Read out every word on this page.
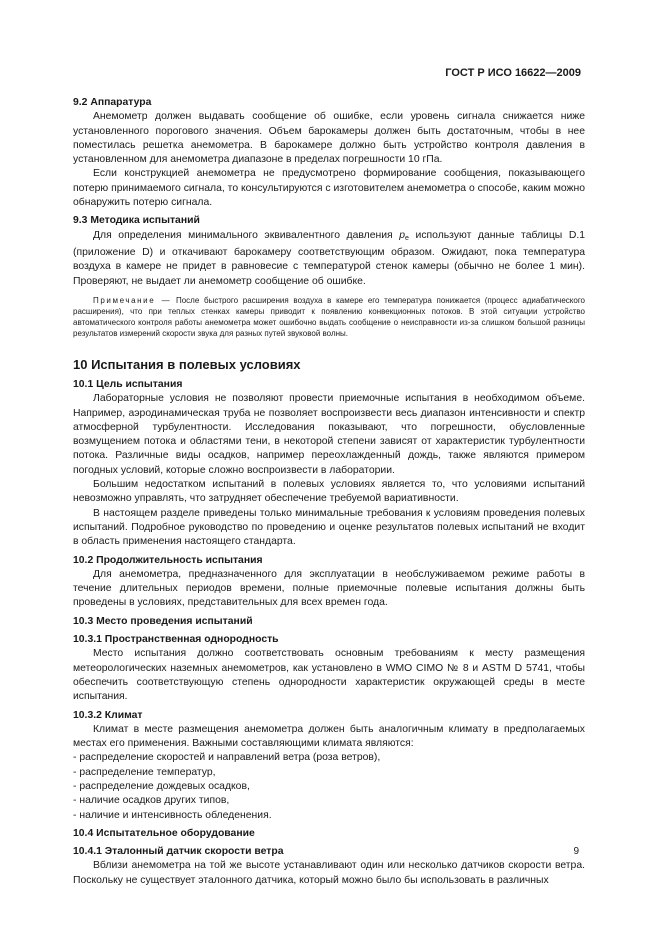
ГОСТ Р ИСО 16622—2009

9.2 Аппаратура

Анемометр должен выдавать сообщение об ошибке, если уровень сигнала снижается ниже установленного порогового значения. Объем барокамеры должен быть достаточным, чтобы в нее поместилась решетка анемометра. В барокамере должно быть устройство контроля давления в установленном для анемометра диапазоне в пределах погрешности 10 гПа.

Если конструкцией анемометра не предусмотрено формирование сообщения, показывающего потерю принимаемого сигнала, то консультируются с изготовителем анемометра о способе, каким можно обнаружить потерю сигнала.

9.3 Методика испытаний

Для определения минимального эквивалентного давления $p_e$ используют данные таблицы D.1 (приложение D) и откачивают барокамеру соответствующим образом. Ожидают, пока температура воздуха в камере не придет в равновесие с температурой стенок камеры (обычно не более 1 мин). Проверяют, не выдает ли анемометр сообщение об ошибке.

Примечание — После быстрого расширения воздуха в камере его температура понижается (процесс адиабатического расширения), что при теплых стенках камеры приводит к появлению конвекционных потоков. В этой ситуации устройство автоматического контроля работы анемометра может ошибочно выдать сообщение о неисправности из-за слишком большой разницы результатов измерений скорости звука для разных путей звуковой волны.

10 Испытания в полевых условиях

10.1 Цель испытания

Лабораторные условия не позволяют провести приемочные испытания в необходимом объеме. Например, аэродинамическая труба не позволяет воспроизвести весь диапазон интенсивности и спектр атмосферной турбулентности. Исследования показывают, что погрешности, обусловленные возмущением потока и областями тени, в некоторой степени зависят от характеристик турбулентности потока. Различные виды осадков, например переохлажденный дождь, также являются примером погодных условий, которые сложно воспроизвести в лаборатории.

Большим недостатком испытаний в полевых условиях является то, что условиями испытаний невозможно управлять, что затрудняет обеспечение требуемой вариативности.

В настоящем разделе приведены только минимальные требования к условиям проведения полевых испытаний. Подробное руководство по проведению и оценке результатов полевых испытаний не входит в область применения настоящего стандарта.

10.2 Продолжительность испытания

Для анемометра, предназначенного для эксплуатации в необслуживаемом режиме работы в течение длительных периодов времени, полные приемочные полевые испытания должны быть проведены в условиях, представительных для всех времен года.

10.3 Место проведения испытаний

10.3.1 Пространственная однородность

Место испытания должно соответствовать основным требованиям к месту размещения метеорологических наземных анемометров, как установлено в WMO CIMO № 8 и ASTM D 5741, чтобы обеспечить соответствующую степень однородности характеристик окружающей среды в месте испытания.

10.3.2 Климат

Климат в месте размещения анемометра должен быть аналогичным климату в предполагаемых местах его применения. Важными составляющими климата являются:

- распределение скоростей и направлений ветра (роза ветров),
- распределение температур,
- распределение дождевых осадков,
- наличие осадков других типов,
- наличие и интенсивность обледенения.

10.4 Испытательное оборудование

10.4.1 Эталонный датчик скорости ветра

Вблизи анемометра на той же высоте устанавливают один или несколько датчиков скорости ветра. Поскольку не существует эталонного датчика, который можно было бы использовать в различных

9
